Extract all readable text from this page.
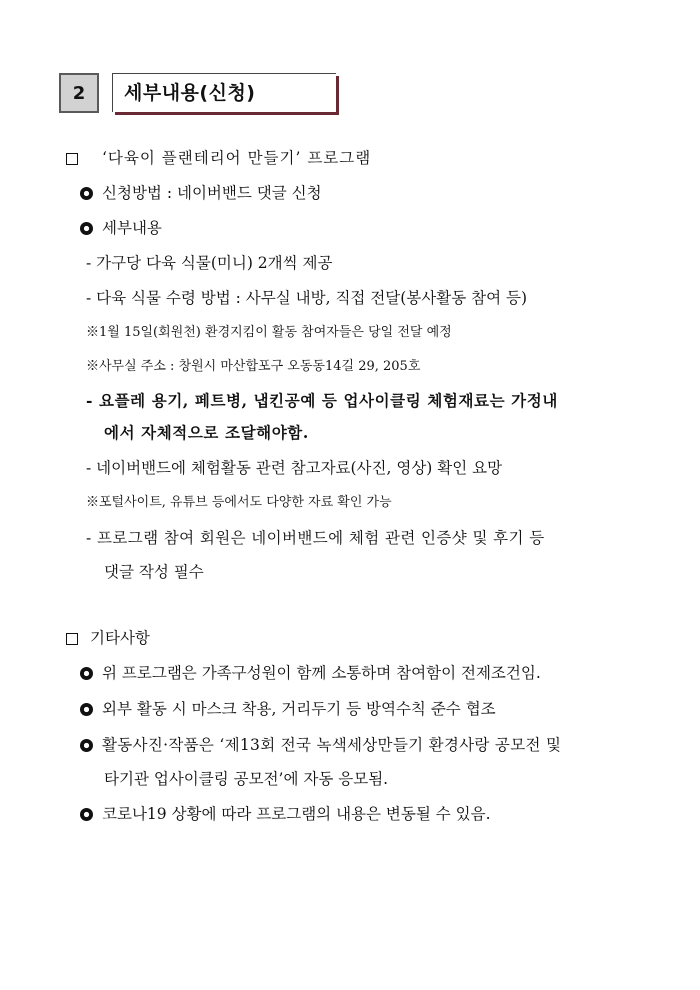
2 세부내용(신청)
‘다육이 플랜테리어 만들기’ 프로그램
신청방법 : 네이버밴드 댓글 신청
세부내용
- 가구당 다육 식물(미니) 2개씩 제공
- 다육 식물 수령 방법 : 사무실 내방, 직접 전달(봉사활동 참여 등)
※1월 15일(회원천) 환경지킴이 활동 참여자들은 당일 전달 예정
※사무실 주소 : 창원시 마산합포구 오동동14길 29, 205호
- 요플레 용기, 페트병, 냅킨공예 등 업사이클링 체험재료는 가정내
에서 자체적으로 조달해야함.
- 네이버밴드에 체험활동 관련 참고자료(사진, 영상) 확인 요망
※포털사이트, 유튜브 등에서도 다양한 자료 확인 가능
- 프로그램 참여 회원은 네이버밴드에 체험 관련 인증샷 및 후기 등
댓글 작성 필수
기타사항
위 프로그램은 가족구성원이 함께 소통하며 참여함이 전제조건임.
외부 활동 시 마스크 착용, 거리두기 등 방역수칙 준수 협조
활동사진·작품은 ‘제13회 전국 녹색세상만들기 환경사랑 공모전 및
타기관 업사이클링 공모전’에 자동 응모됨.
코로나19 상황에 따라 프로그램의 내용은 변동될 수 있음.
